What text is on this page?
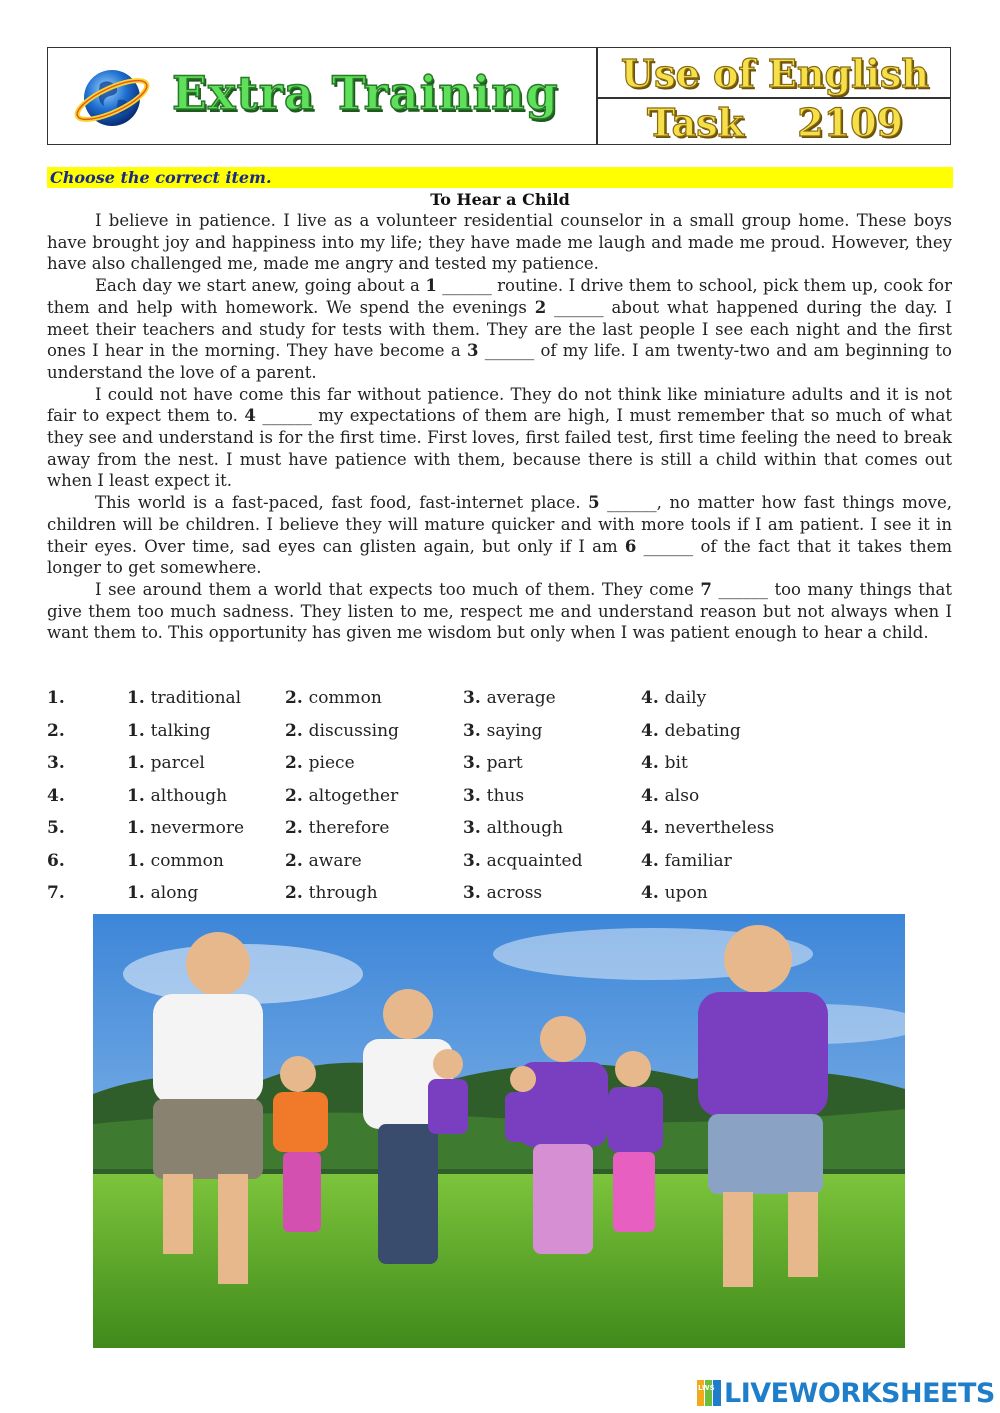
Extra Training	Use of English
Task 2109
Choose the correct item.
To Hear a Child

I believe in patience. I live as a volunteer residential counselor in a small group home. These boys have brought joy and happiness into my life; they have made me laugh and made me proud. However, they have also challenged me, made me angry and tested my patience.

Each day we start anew, going about a 1 ______ routine. I drive them to school, pick them up, cook for them and help with homework. We spend the evenings 2 ______ about what happened during the day. I meet their teachers and study for tests with them. They are the last people I see each night and the first ones I hear in the morning. They have become a 3 ______ of my life. I am twenty-two and am beginning to understand the love of a parent.

I could not have come this far without patience. They do not think like miniature adults and it is not fair to expect them to. 4 ______ my expectations of them are high, I must remember that so much of what they see and understand is for the first time. First loves, first failed test, first time feeling the need to break away from the nest. I must have patience with them, because there is still a child within that comes out when I least expect it.

This world is a fast-paced, fast food, fast-internet place. 5 ______, no matter how fast things move, children will be children. I believe they will mature quicker and with more tools if I am patient. I see it in their eyes. Over time, sad eyes can glisten again, but only if I am 6 ______ of the fact that it takes them longer to get somewhere.

I see around them a world that expects too much of them. They come 7 ______ too many things that give them too much sadness. They listen to me, respect me and understand reason but not always when I want them to. This opportunity has given me wisdom but only when I was patient enough to hear a child.

1.	1. traditional	2. common	3. average	4. daily
2.	1. talking	2. discussing	3. saying	4. debating
3.	1. parcel	2. piece	3. part	4. bit
4.	1. although	2. altogether	3. thus	4. also
5.	1. nevermore 2. therefore	3. although	4. nevertheless
6.	1. common	2. aware	3. acquainted	4. familiar
7.	1. along	2. through	3. across	4. upon
LWS LIVEWORKSHEETS
